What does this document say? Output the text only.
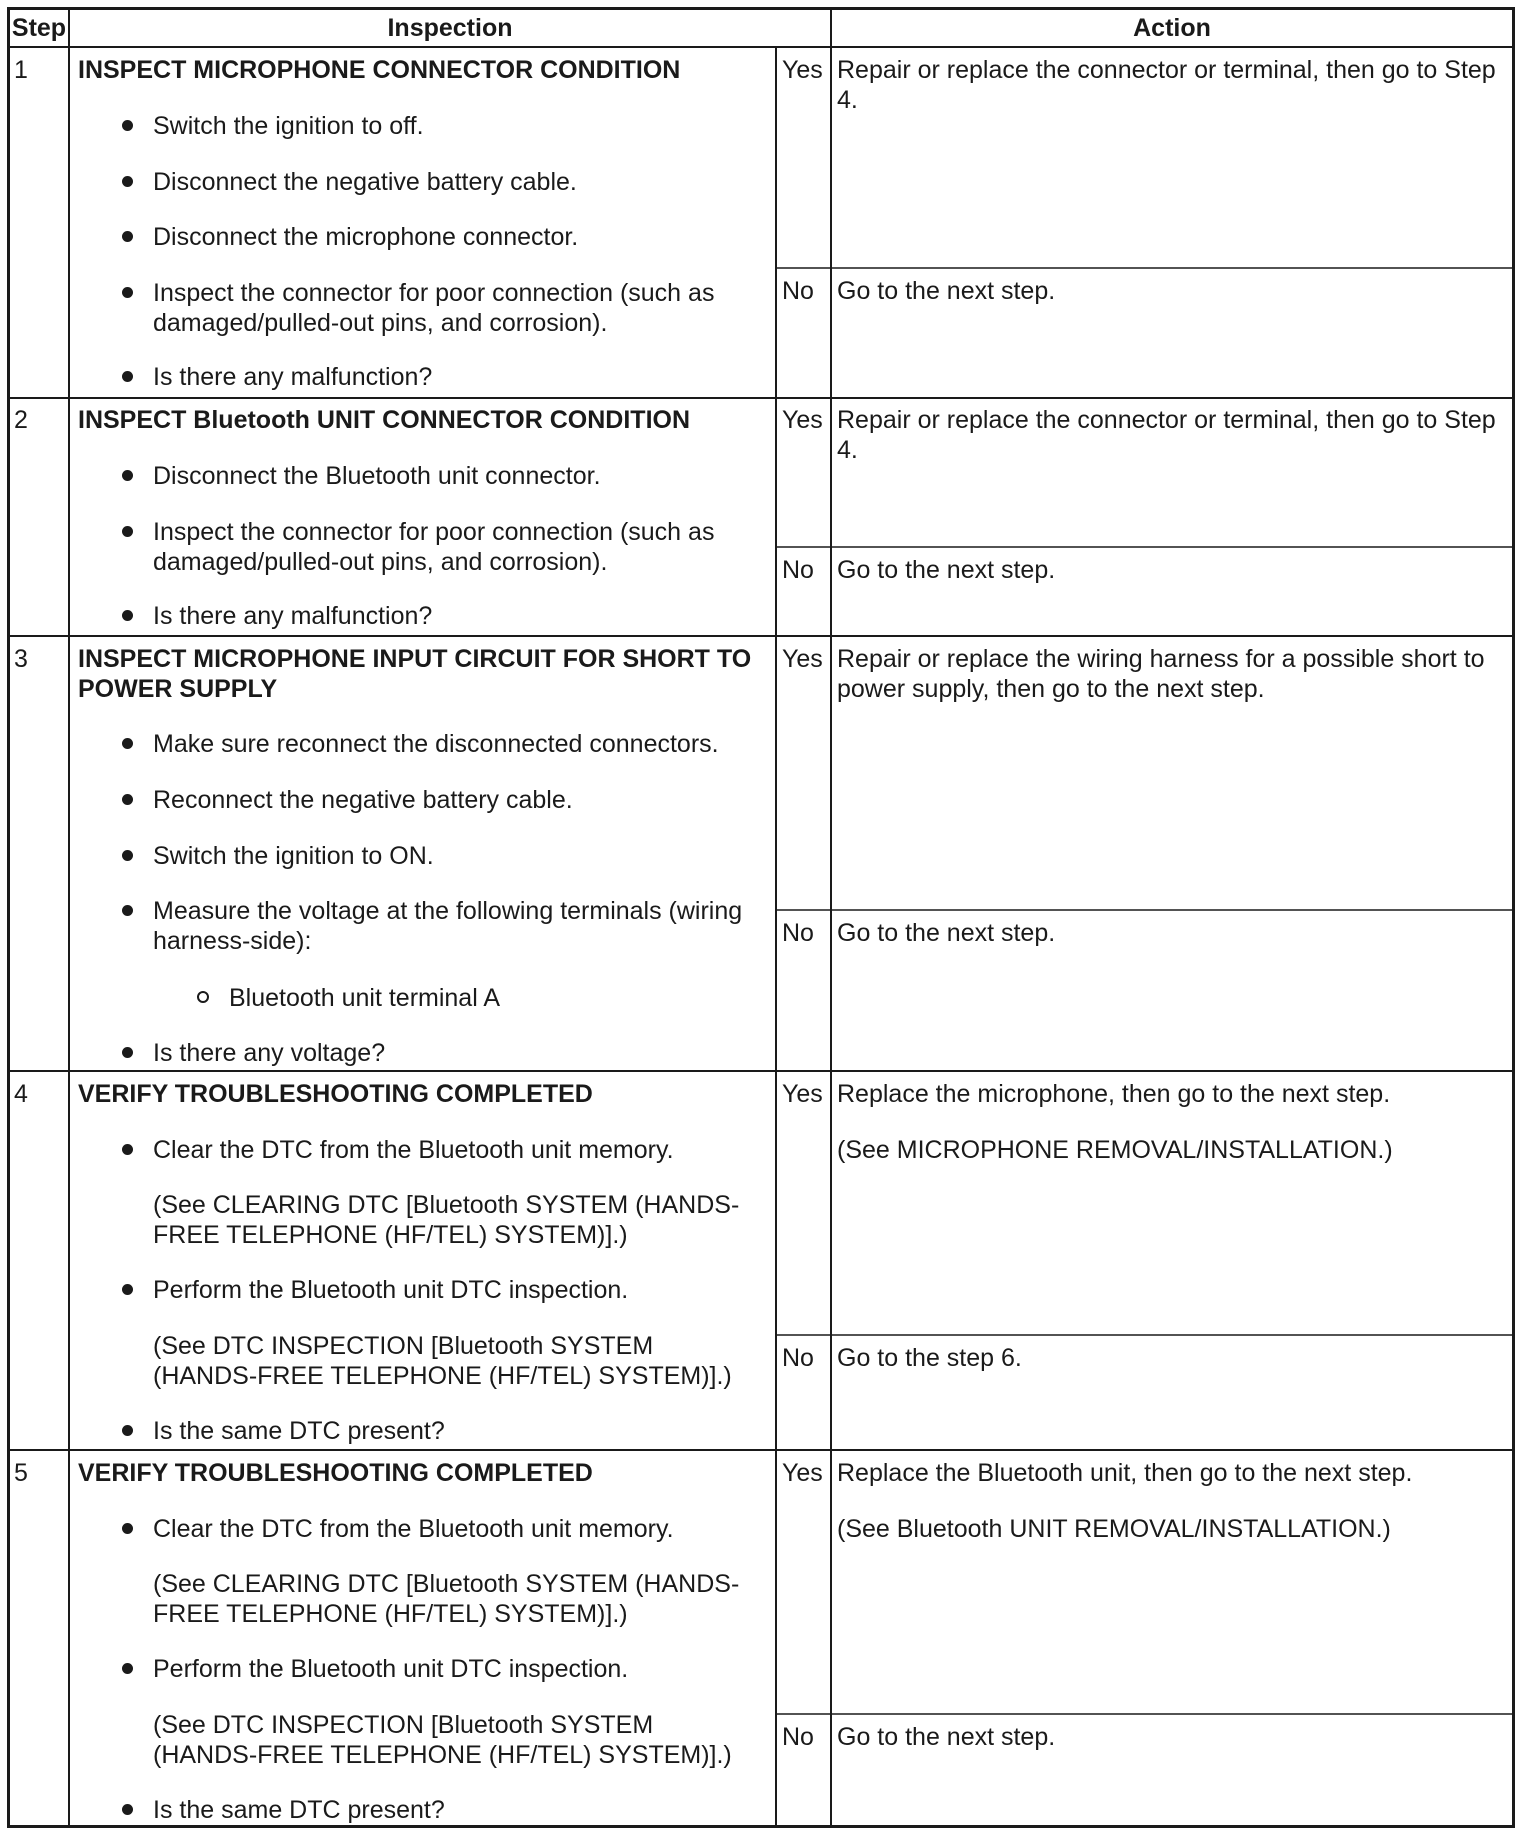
Step	Inspection	Action
1 INSPECT MICROPHONE CONNECTOR CONDITION
Switch the ignition to off.
Disconnect the negative battery cable.
Disconnect the microphone connector.
Inspect the connector for poor connection (such as damaged/pulled-out pins, and corrosion).
Is there any malfunction?
Yes Repair or replace the connector or terminal, then go to Step 4.
No Go to the next step.
2 INSPECT Bluetooth UNIT CONNECTOR CONDITION
Disconnect the Bluetooth unit connector.
Inspect the connector for poor connection (such as damaged/pulled-out pins, and corrosion).
Is there any malfunction?
Yes Repair or replace the connector or terminal, then go to Step 4.
No Go to the next step.
3 INSPECT MICROPHONE INPUT CIRCUIT FOR SHORT TO POWER SUPPLY
Make sure reconnect the disconnected connectors.
Reconnect the negative battery cable.
Switch the ignition to ON.
Measure the voltage at the following terminals (wiring harness-side):
Bluetooth unit terminal A
Is there any voltage?
Yes Repair or replace the wiring harness for a possible short to power supply, then go to the next step.
No Go to the next step.
4 VERIFY TROUBLESHOOTING COMPLETED
Clear the DTC from the Bluetooth unit memory.
(See CLEARING DTC [Bluetooth SYSTEM (HANDS-FREE TELEPHONE (HF/TEL) SYSTEM)].)
Perform the Bluetooth unit DTC inspection.
(See DTC INSPECTION [Bluetooth SYSTEM (HANDS-FREE TELEPHONE (HF/TEL) SYSTEM)].)
Is the same DTC present?
Yes Replace the microphone, then go to the next step.
(See MICROPHONE REMOVAL/INSTALLATION.)
No Go to the step 6.
5 VERIFY TROUBLESHOOTING COMPLETED
Clear the DTC from the Bluetooth unit memory.
(See CLEARING DTC [Bluetooth SYSTEM (HANDS-FREE TELEPHONE (HF/TEL) SYSTEM)].)
Perform the Bluetooth unit DTC inspection.
(See DTC INSPECTION [Bluetooth SYSTEM (HANDS-FREE TELEPHONE (HF/TEL) SYSTEM)].)
Is the same DTC present?
Yes Replace the Bluetooth unit, then go to the next step.
(See Bluetooth UNIT REMOVAL/INSTALLATION.)
No Go to the next step.
